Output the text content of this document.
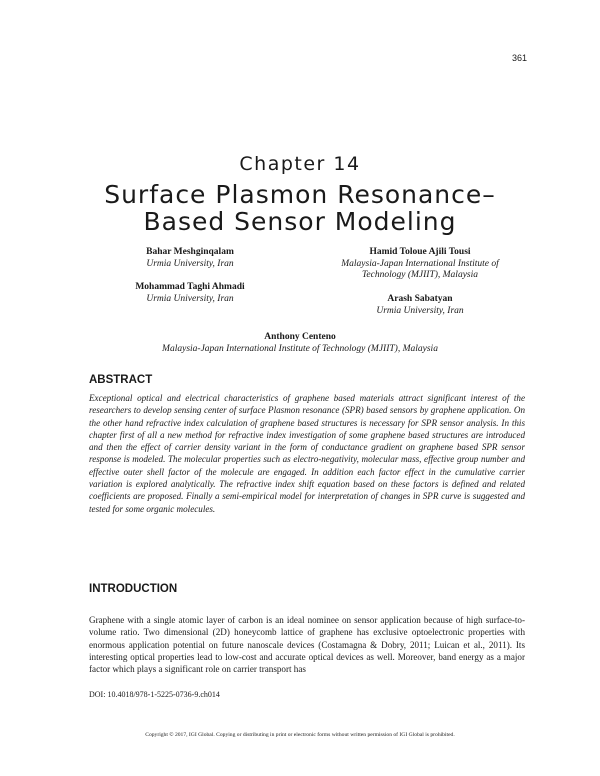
361
Chapter 14
Surface Plasmon Resonance–
Based Sensor Modeling
Bahar Meshginqalam
Urmia University, Iran
Hamid Toloue Ajili Tousi
Malaysia-Japan International Institute of
Technology (MJIIT), Malaysia
Mohammad Taghi Ahmadi
Urmia University, Iran	Arash Sabatyan
Urmia University, Iran
Anthony Centeno
Malaysia-Japan International Institute of Technology (MJIIT), Malaysia
ABSTRACT
Exceptional optical and electrical characteristics of graphene based materials attract significant interest of the researchers to develop sensing center of surface Plasmon resonance (SPR) based sensors by graphene application. On the other hand refractive index calculation of graphene based structures is necessary for SPR sensor analysis. In this chapter first of all a new method for refractive index investigation of some graphene based structures are introduced and then the effect of carrier density variant in the form of conductance gradient on graphene based SPR sensor response is modeled. The molecular properties such as electro-negativity, molecular mass, effective group number and effective outer shell factor of the molecule are engaged. In addition each factor effect in the cumulative carrier variation is explored analytically. The refractive index shift equation based on these factors is defined and related coefficients are proposed. Finally a semi-empirical model for interpretation of changes in SPR curve is suggested and tested for some organic molecules.
INTRODUCTION
Graphene with a single atomic layer of carbon is an ideal nominee on sensor application because of high surface-to-volume ratio. Two dimensional (2D) honeycomb lattice of graphene has exclusive optoelectronic properties with enormous application potential on future nanoscale devices (Costamagna & Dobry, 2011; Luican et al., 2011). Its interesting optical properties lead to low-cost and accurate optical devices as well. Moreover, band energy as a major factor which plays a significant role on carrier transport has
DOI: 10.4018/978-1-5225-0736-9.ch014
Copyright © 2017, IGI Global. Copying or distributing in print or electronic forms without written permission of IGI Global is prohibited.
